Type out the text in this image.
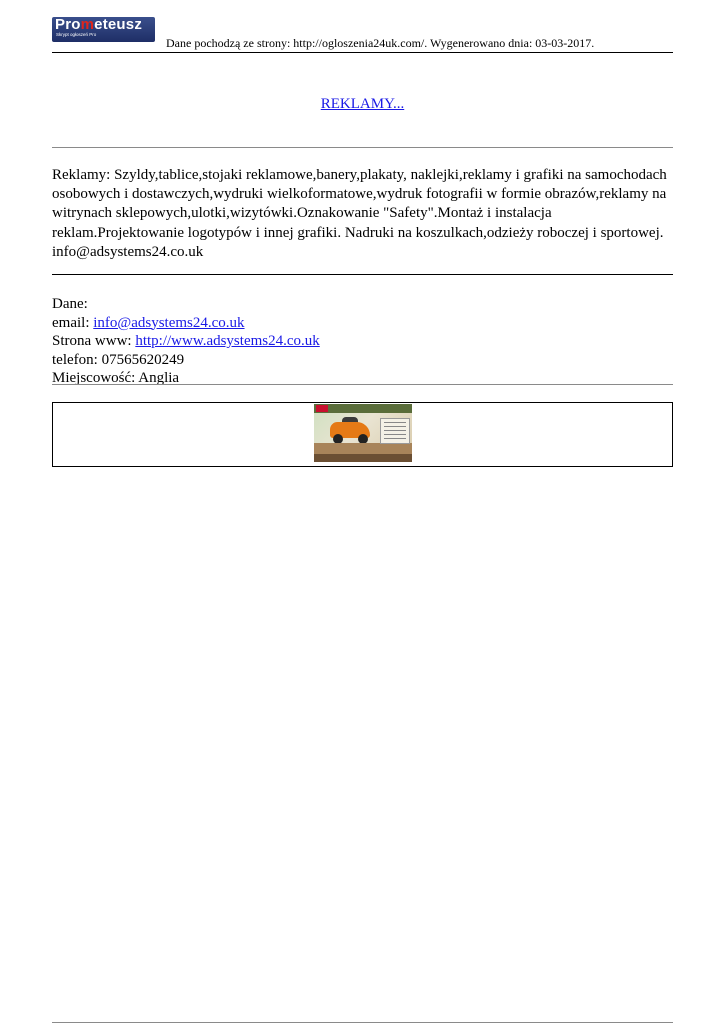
Prometeusz
Skrypt ogłoszeń Pro
Dane pochodzą ze strony: http://ogloszenia24uk.com/. Wygenerowano dnia: 03-03-2017.
REKLAMY...

Reklamy: Szyldy,tablice,stojaki reklamowe,banery,plakaty, naklejki,reklamy i grafiki na samochodach osobowych i dostawczych,wydruki wielkoformatowe,wydruk fotografii w formie obrazów,reklamy na witrynach sklepowych,ulotki,wizytówki.Oznakowanie "Safety".Montaż i instalacja reklam.Projektowanie logotypów i innej grafiki. Nadruki na koszulkach,odzieży roboczej i sportowej. info@adsystems24.co.uk

Dane:
email: info@adsystems24.co.uk
Strona www: http://www.adsystems24.co.uk
telefon: 07565620249
Miejscowość: Anglia
